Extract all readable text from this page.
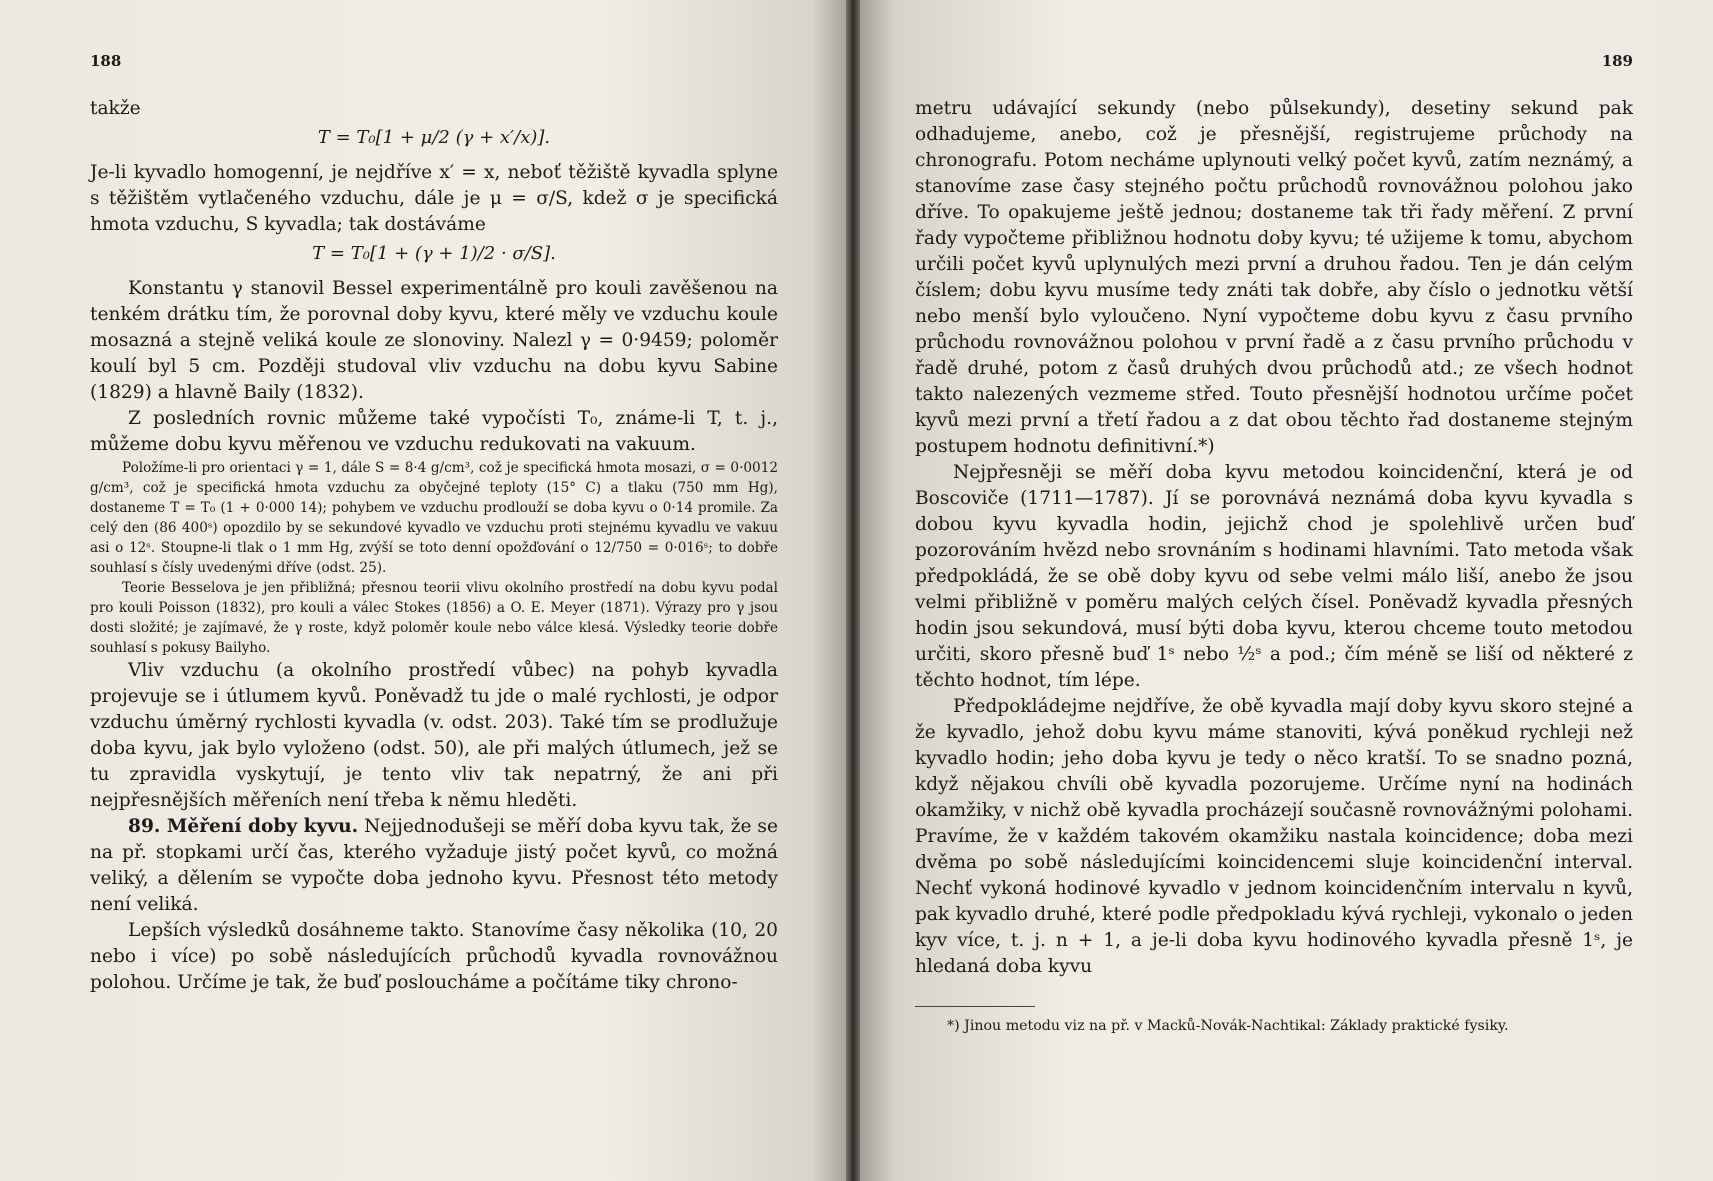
188

takže

T = T₀[1 + μ/2 (γ + x′/x)].

Je-li kyvadlo homogenní, je nejdříve x′ = x, neboť těžiště kyvadla splyne s těžištěm vytlačeného vzduchu, dále je μ = σ/S, kdež σ je specifická hmota vzduchu, S kyvadla; tak dostáváme

T = T₀[1 + (γ + 1)/2 · σ/S].

Konstantu γ stanovil Bessel experimentálně pro kouli zavěšenou na tenkém drátku tím, že porovnal doby kyvu, které měly ve vzduchu koule mosazná a stejně veliká koule ze slonoviny. Nalezl γ = 0·9459; poloměr koulí byl 5 cm. Později studoval vliv vzduchu na dobu kyvu Sabine (1829) a hlavně Baily (1832).

Z posledních rovnic můžeme také vypočísti T₀, známe-li T, t. j., můžeme dobu kyvu měřenou ve vzduchu redukovati na vakuum.

Položíme-li pro orientaci γ = 1, dále S = 8·4 g/cm³, což je specifická hmota mosazi, σ = 0·0012 g/cm³, což je specifická hmota vzduchu za obyčejné teploty (15° C) a tlaku (750 mm Hg), dostaneme T = T₀ (1 + 0·000 14); pohybem ve vzduchu prodlouží se doba kyvu o 0·14 promile. Za celý den (86 400ˢ) opozdilo by se sekundové kyvadlo ve vzduchu proti stejnému kyvadlu ve vakuu asi o 12ˢ. Stoupne-li tlak o 1 mm Hg, zvýší se toto denní opožďování o 12/750 = 0·016ˢ; to dobře souhlasí s čísly uvedenými dříve (odst. 25).

Teorie Besselova je jen přibližná; přesnou teorii vlivu okolního prostředí na dobu kyvu podal pro kouli Poisson (1832), pro kouli a válec Stokes (1856) a O. E. Meyer (1871). Výrazy pro γ jsou dosti složité; je zajímavé, že γ roste, když poloměr koule nebo válce klesá. Výsledky teorie dobře souhlasí s pokusy Bailyho.

Vliv vzduchu (a okolního prostředí vůbec) na pohyb kyvadla projevuje se i útlumem kyvů. Poněvadž tu jde o malé rychlosti, je odpor vzduchu úměrný rychlosti kyvadla (v. odst. 203). Také tím se prodlužuje doba kyvu, jak bylo vyloženo (odst. 50), ale při malých útlumech, jež se tu zpravidla vyskytují, je tento vliv tak nepatrný, že ani při nejpřesnějších měřeních není třeba k němu hleděti.

89. Měření doby kyvu. Nejjednodušeji se měří doba kyvu tak, že se na př. stopkami určí čas, kterého vyžaduje jistý počet kyvů, co možná veliký, a dělením se vypočte doba jednoho kyvu. Přesnost této metody není veliká.

Lepších výsledků dosáhneme takto. Stanovíme časy několika (10, 20 nebo i více) po sobě následujících průchodů kyvadla rovnovážnou polohou. Určíme je tak, že buď posloucháme a počítáme tiky chrono-

189

metru udávající sekundy (nebo půlsekundy), desetiny sekund pak odhadujeme, anebo, což je přesnější, registrujeme průchody na chronografu. Potom necháme uplynouti velký počet kyvů, zatím neznámý, a stanovíme zase časy stejného počtu průchodů rovnovážnou polohou jako dříve. To opakujeme ještě jednou; dostaneme tak tři řady měření. Z první řady vypočteme přibližnou hodnotu doby kyvu; té užijeme k tomu, abychom určili počet kyvů uplynulých mezi první a druhou řadou. Ten je dán celým číslem; dobu kyvu musíme tedy znáti tak dobře, aby číslo o jednotku větší nebo menší bylo vyloučeno. Nyní vypočteme dobu kyvu z času prvního průchodu rovnovážnou polohou v první řadě a z času prvního průchodu v řadě druhé, potom z časů druhých dvou průchodů atd.; ze všech hodnot takto nalezených vezmeme střed. Touto přesnější hodnotou určíme počet kyvů mezi první a třetí řadou a z dat obou těchto řad dostaneme stejným postupem hodnotu definitivní.*)

Nejpřesněji se měří doba kyvu metodou koincidenční, která je od Boscoviče (1711—1787). Jí se porovnává neznámá doba kyvu kyvadla s dobou kyvu kyvadla hodin, jejichž chod je spolehlivě určen buď pozorováním hvězd nebo srovnáním s hodinami hlavními. Tato metoda však předpokládá, že se obě doby kyvu od sebe velmi málo liší, anebo že jsou velmi přibližně v poměru malých celých čísel. Poněvadž kyvadla přesných hodin jsou sekundová, musí býti doba kyvu, kterou chceme touto metodou určiti, skoro přesně buď 1ˢ nebo ½ˢ a pod.; čím méně se liší od některé z těchto hodnot, tím lépe.

Předpokládejme nejdříve, že obě kyvadla mají doby kyvu skoro stejné a že kyvadlo, jehož dobu kyvu máme stanoviti, kývá poněkud rychleji než kyvadlo hodin; jeho doba kyvu je tedy o něco kratší. To se snadno pozná, když nějakou chvíli obě kyvadla pozorujeme. Určíme nyní na hodinách okamžiky, v nichž obě kyvadla procházejí současně rovnovážnými polohami. Pravíme, že v každém takovém okamžiku nastala koincidence; doba mezi dvěma po sobě následujícími koincidencemi sluje koincidenční interval. Nechť vykoná hodinové kyvadlo v jednom koincidenčním intervalu n kyvů, pak kyvadlo druhé, které podle předpokladu kývá rychleji, vykonalo o jeden kyv více, t. j. n + 1, a je-li doba kyvu hodinového kyvadla přesně 1ˢ, je hledaná doba kyvu

*) Jinou metodu viz na př. v Macků-Novák-Nachtikal: Základy praktické fysiky.
